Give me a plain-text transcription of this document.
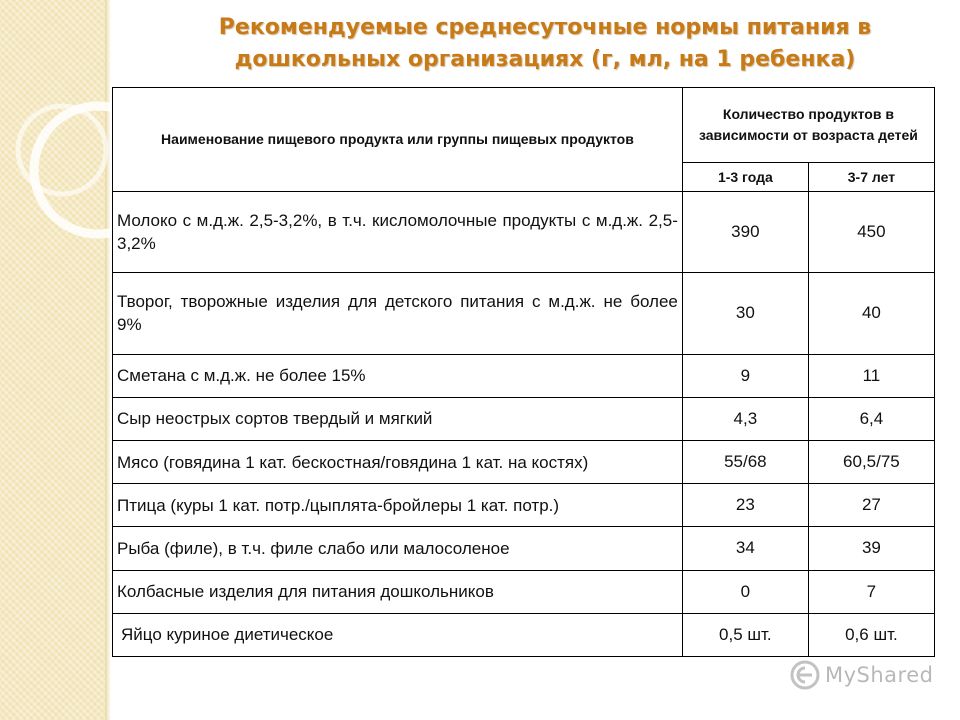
Рекомендуемые среднесуточные нормы питания в дошкольных организациях (г, мл, на 1 ребенка)
Наименование пищевого продукта или группы пищевых продуктов	Количество продуктов в зависимости от возраста детей	
	1-3 года	3-7 лет
Молоко с м.д.ж. 2,5-3,2%, в т.ч. кисломолочные продукты с м.д.ж. 2,5-3,2%	390	450
Творог, творожные изделия для детского питания с м.д.ж. не более 9%	30	40
Сметана с м.д.ж. не более 15%	9	11
Сыр неострых сортов твердый и мягкий	4,3	6,4
Мясо (говядина 1 кат. бескостная/говядина 1 кат. на костях)	55/68	60,5/75
Птица (куры 1 кат. потр./цыплята-бройлеры 1 кат. потр.)	23	27
Рыба (филе), в т.ч. филе слабо или малосоленое	34	39
Колбасные изделия для питания дошкольников	0	7
Яйцо куриное диетическое	0,5 шт.	0,6 шт.
MyShared
